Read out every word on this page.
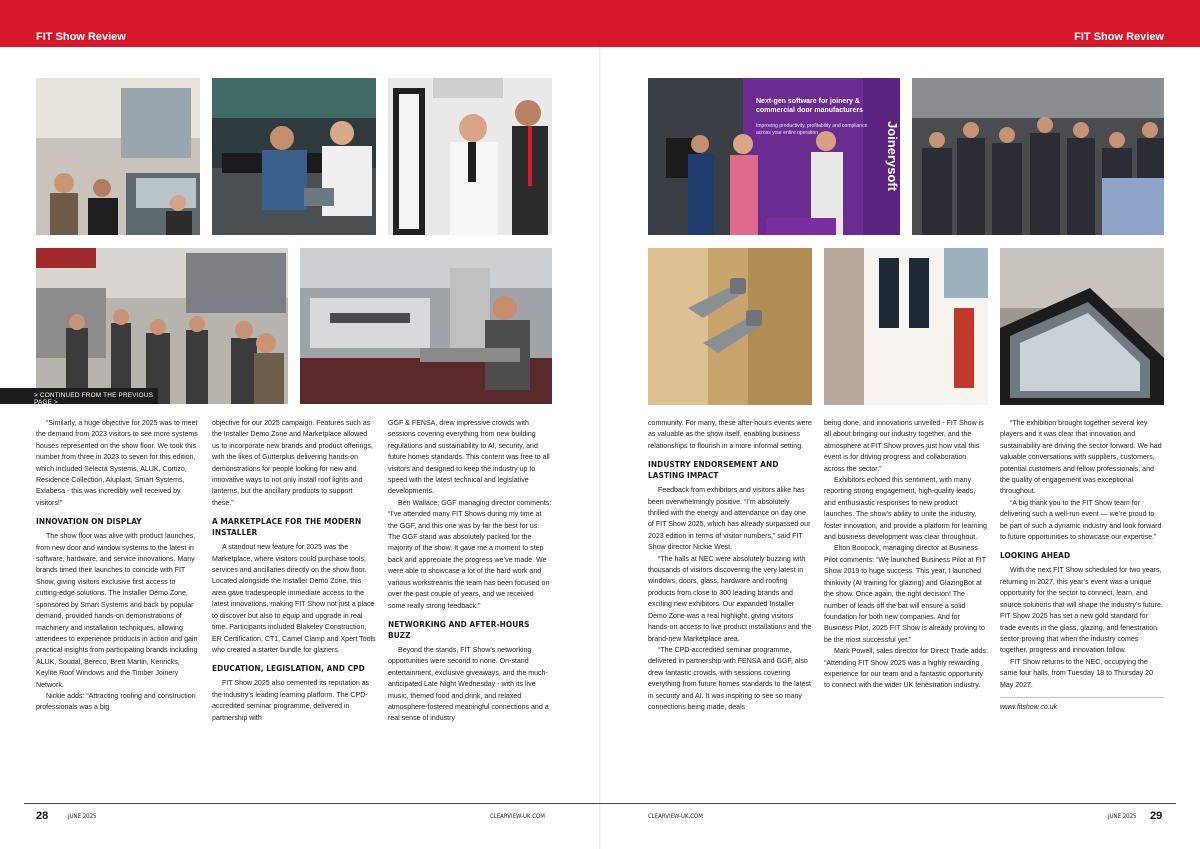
FIT Show Review	FIT Show Review
> CONTINUED FROM THE PREVIOUS PAGE >
Next-gen software for joinery & commercial door manufacturers
Improving productivity, profitability and compliance across your entire operation	Joinerysoft

“Similarly, a huge objective for 2025 was to meet the demand from 2023 visitors to see more systems houses represented on the show floor. We took this number from three in 2023 to seven for this edition, which included Selecta Systems, ALUK, Cortizo, Residence Collection, Aluplast, Smart Systems, Exlabesa - this was incredibly well received by visitors!”

INNOVATION ON DISPLAY

The show floor was alive with product launches, from new door and window systems to the latest in software, hardware, and service innovations. Many brands timed their launches to coincide with FIT Show, giving visitors exclusive first access to cutting-edge solutions. The Installer Demo Zone, sponsored by Smart Systems and back by popular demand, provided hands-on demonstrations of machinery and installation techniques, allowing attendees to experience products in action and gain practical insights from participating brands including ALUK, Soudal, Bereco, Brett Martin, Kenricks, Keylite Roof Windows and the Timber Joinery Network.

Nickie adds: “Attracting roofing and construction professionals was a big

objective for our 2025 campaign. Features such as the Installer Demo Zone and Marketplace allowed us to incorporate new brands and product offerings, with the likes of Gutterplus delivering hands-on demonstrations for people looking for new and innovative ways to not only install roof lights and lanterns, but the ancillary products to support these.”

A MARKETPLACE FOR THE MODERN INSTALLER

A standout new feature for 2025 was the Marketplace, where visitors could purchase tools, services and ancillaries directly on the show floor. Located alongside the Installer Demo Zone, this area gave tradespeople immediate access to the latest innovations, making FIT Show not just a place to discover but also to equip and upgrade in real time. Participants included Blakeley Construction, ER Certification, CT1, Camel Clamp and Xpert Tools who created a starter bundle for glaziers.

EDUCATION, LEGISLATION, AND CPD

FIT Show 2025 also cemented its reputation as the industry’s leading learning platform. The CPD-accredited seminar programme, delivered in partnership with

GGF & FENSA, drew impressive crowds with sessions covering everything from new building regulations and sustainability to AI, security, and future homes standards. This content was free to all visitors and designed to keep the industry up to speed with the latest technical and legislative developments.

Ben Wallace, GGF managing director comments: “I’ve attended many FIT Shows during my time at the GGF, and this one was by far the best for us. The GGF stand was absolutely packed for the majority of the show. It gave me a moment to step back and appreciate the progress we’ve made. We were able to showcase a lot of the hard work and various workstreams the team has been focused on over the past couple of years, and we received some really strong feedback.”

NETWORKING AND AFTER-HOURS BUZZ

Beyond the stands, FIT Show’s networking opportunities were second to none. On-stand entertainment, exclusive giveaways, and the much-anticipated Late Night Wednesday - with its live music, themed food and drink, and relaxed atmosphere-fostered meaningful connections and a real sense of industry

community. For many, these after-hours events were as valuable as the show itself, enabling business relationships to flourish in a more informal setting.

INDUSTRY ENDORSEMENT AND LASTING IMPACT

Feedback from exhibitors and visitors alike has been overwhelmingly positive. “I’m absolutely thrilled with the energy and attendance on day one of FIT Show 2025, which has already surpassed our 2023 edition in terms of visitor numbers,” said FIT Show director Nickie West.

“The halls at NEC were absolutely buzzing with thousands of visitors discovering the very latest in windows, doors, glass, hardware and roofing products from close to 300 leading brands and exciting new exhibitors. Our expanded Installer Demo Zone was a real highlight, giving visitors hands-on access to live product installations and the brand-new Marketplace area.

“The CPD-accredited seminar programme, delivered in partnership with FENSA and GGF, also drew fantastic crowds, with sessions covering everything from future homes standards to the latest in security and AI. It was inspiring to see so many connections being made, deals

being done, and innovations unveiled - FIT Show is all about bringing our industry together, and the atmosphere at FIT Show proves just how vital this event is for driving progress and collaboration across the sector.”

Exhibitors echoed this sentiment, with many reporting strong engagement, high-quality leads, and enthusiastic responses to new product launches. The show’s ability to unite the industry, foster innovation, and provide a platform for learning and business development was clear throughout.

Elton Boocock, managing director at Business Pilot comments: “We launched Business Pilot at FIT Show 2019 to huge success. This year, I launched thinkivity (AI training for glazing) and GlazingBot at the show. Once again, the right decision! The number of leads off the bat will ensure a solid foundation for both new companies. And for Business Pilot, 2025 FIT Show is already proving to be the most successful yet.”

Mark Powell, sales director for Direct Trade adds: “Attending FIT Show 2025 was a highly rewarding experience for our team and a fantastic opportunity to connect with the wider UK fenestration industry.

“The exhibition brought together several key players and it was clear that innovation and sustainability are driving the sector forward. We had valuable conversations with suppliers, customers, potential customers and fellow professionals, and the quality of engagement was exceptional throughout.

“A big thank you to the FIT Show team for delivering such a well-run event — we’re proud to be part of such a dynamic industry and look forward to future opportunities to showcase our expertise.”

LOOKING AHEAD

With the next FIT Show scheduled for two years, returning in 2027, this year’s event was a unique opportunity for the sector to connect, learn, and source solutions that will shape the industry’s future. FIT Show 2025 has set a new gold standard for trade events in the glass, glazing, and fenestration sector-proving that when the industry comes together, progress and innovation follow.

FIT Show returns to the NEC, occupying the same four halls, from Tuesday 18 to Thursday 20 May 2027.

www.fitshow.co.uk
28	JUNE 2025	CLEARVIEW-UK.COM	CLEARVIEW-UK.COM	JUNE 2025 29
